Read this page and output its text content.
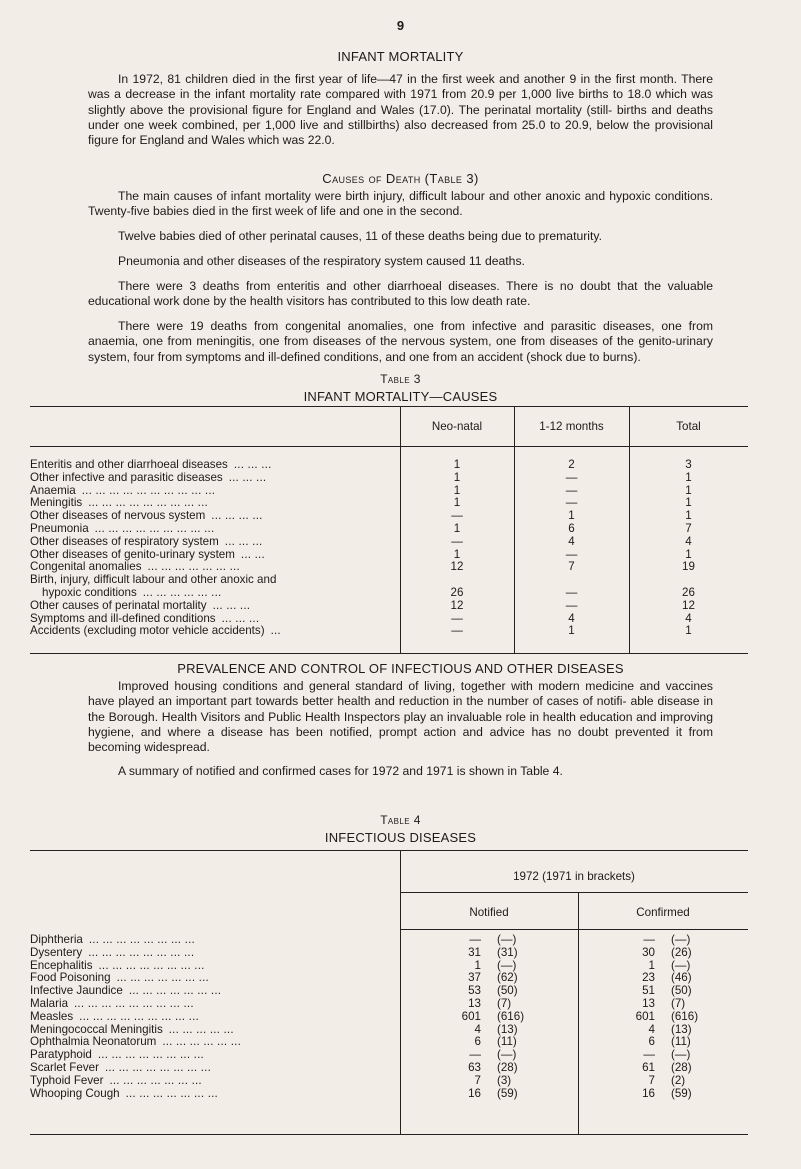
9
INFANT MORTALITY
In 1972, 81 children died in the first year of life—47 in the first week and another 9 in the first month. There was a decrease in the infant mortality rate compared with 1971 from 20.9 per 1,000 live births to 18.0 which was slightly above the provisional figure for England and Wales (17.0). The perinatal mortality (still- births and deaths under one week combined, per 1,000 live and stillbirths) also decreased from 25.0 to 20.9, below the provisional figure for England and Wales which was 22.0.
Causes of Death (Table 3)
The main causes of infant mortality were birth injury, difficult labour and other anoxic and hypoxic conditions. Twenty-five babies died in the first week of life and one in the second.
Twelve babies died of other perinatal causes, 11 of these deaths being due to prematurity.
Pneumonia and other diseases of the respiratory system caused 11 deaths.
There were 3 deaths from enteritis and other diarrhoeal diseases. There is no doubt that the valuable educational work done by the health visitors has contributed to this low death rate.
There were 19 deaths from congenital anomalies, one from infective and parasitic diseases, one from anaemia, one from meningitis, one from diseases of the nervous system, one from diseases of the genito-urinary system, four from symptoms and ill-defined conditions, and one from an accident (shock due to burns).
Table 3
INFANT MORTALITY—CAUSES
Neo-natal	1-12 months	Total
Enteritis and other diarrhoeal diseases ... ... ...	1	2	3
Other infective and parasitic diseases ... ... ...	1	—	1
Anaemia ... ... ... ... ... ... ... ... ... ...	1	—	1
Meningitis ... ... ... ... ... ... ... ... ...	1	—	1
Other diseases of nervous system ... ... ... ...	—	1	1
Pneumonia ... ... ... ... ... ... ... ... ...	1	6	7
Other diseases of respiratory system ... ... ...	—	4	4
Other diseases of genito-urinary system ... ...	1	—	1
Congenital anomalies ... ... ... ... ... ... ...	12	7	19
Birth, injury, difficult labour and other anoxic and			
hypoxic conditions ... ... ... ... ... ...	26	—	26
Other causes of perinatal mortality ... ... ...	12	—	12
Symptoms and ill-defined conditions ... ... ...	—	4	4
Accidents (excluding motor vehicle accidents) ...	—	1	1
PREVALENCE AND CONTROL OF INFECTIOUS AND OTHER DISEASES
Improved housing conditions and general standard of living, together with modern medicine and vaccines have played an important part towards better health and reduction in the number of cases of notifi- able disease in the Borough. Health Visitors and Public Health Inspectors play an invaluable role in health education and improving hygiene, and where a disease has been notified, prompt action and advice has no doubt prevented it from becoming widespread.
A summary of notified and confirmed cases for 1972 and 1971 is shown in Table 4.
Table 4
INFECTIOUS DISEASES
1972 (1971 in brackets)
Notified	Confirmed
Diphtheria ... ... ... ... ... ... ... ...	—	(—)	—	(—)
Dysentery ... ... ... ... ... ... ... ...	31	(31)	30	(26)
Encephalitis ... ... ... ... ... ... ... ...	1	(—)	1	(—)
Food Poisoning ... ... ... ... ... ... ...	37	(62)	23	(46)
Infective Jaundice ... ... ... ... ... ... ...	53	(50)	51	(50)
Malaria ... ... ... ... ... ... ... ... ...	13	(7)	13	(7)
Measles ... ... ... ... ... ... ... ... ...	601	(616)	601	(616)
Meningococcal Meningitis ... ... ... ... ...	4	(13)	4	(13)
Ophthalmia Neonatorum ... ... ... ... ... ...	6	(11)	6	(11)
Paratyphoid ... ... ... ... ... ... ... ...	—	(—)	—	(—)
Scarlet Fever ... ... ... ... ... ... ... ...	63	(28)	61	(28)
Typhoid Fever ... ... ... ... ... ... ...	7	(3)	7	(2)
Whooping Cough ... ... ... ... ... ... ...	16	(59)	16	(59)
